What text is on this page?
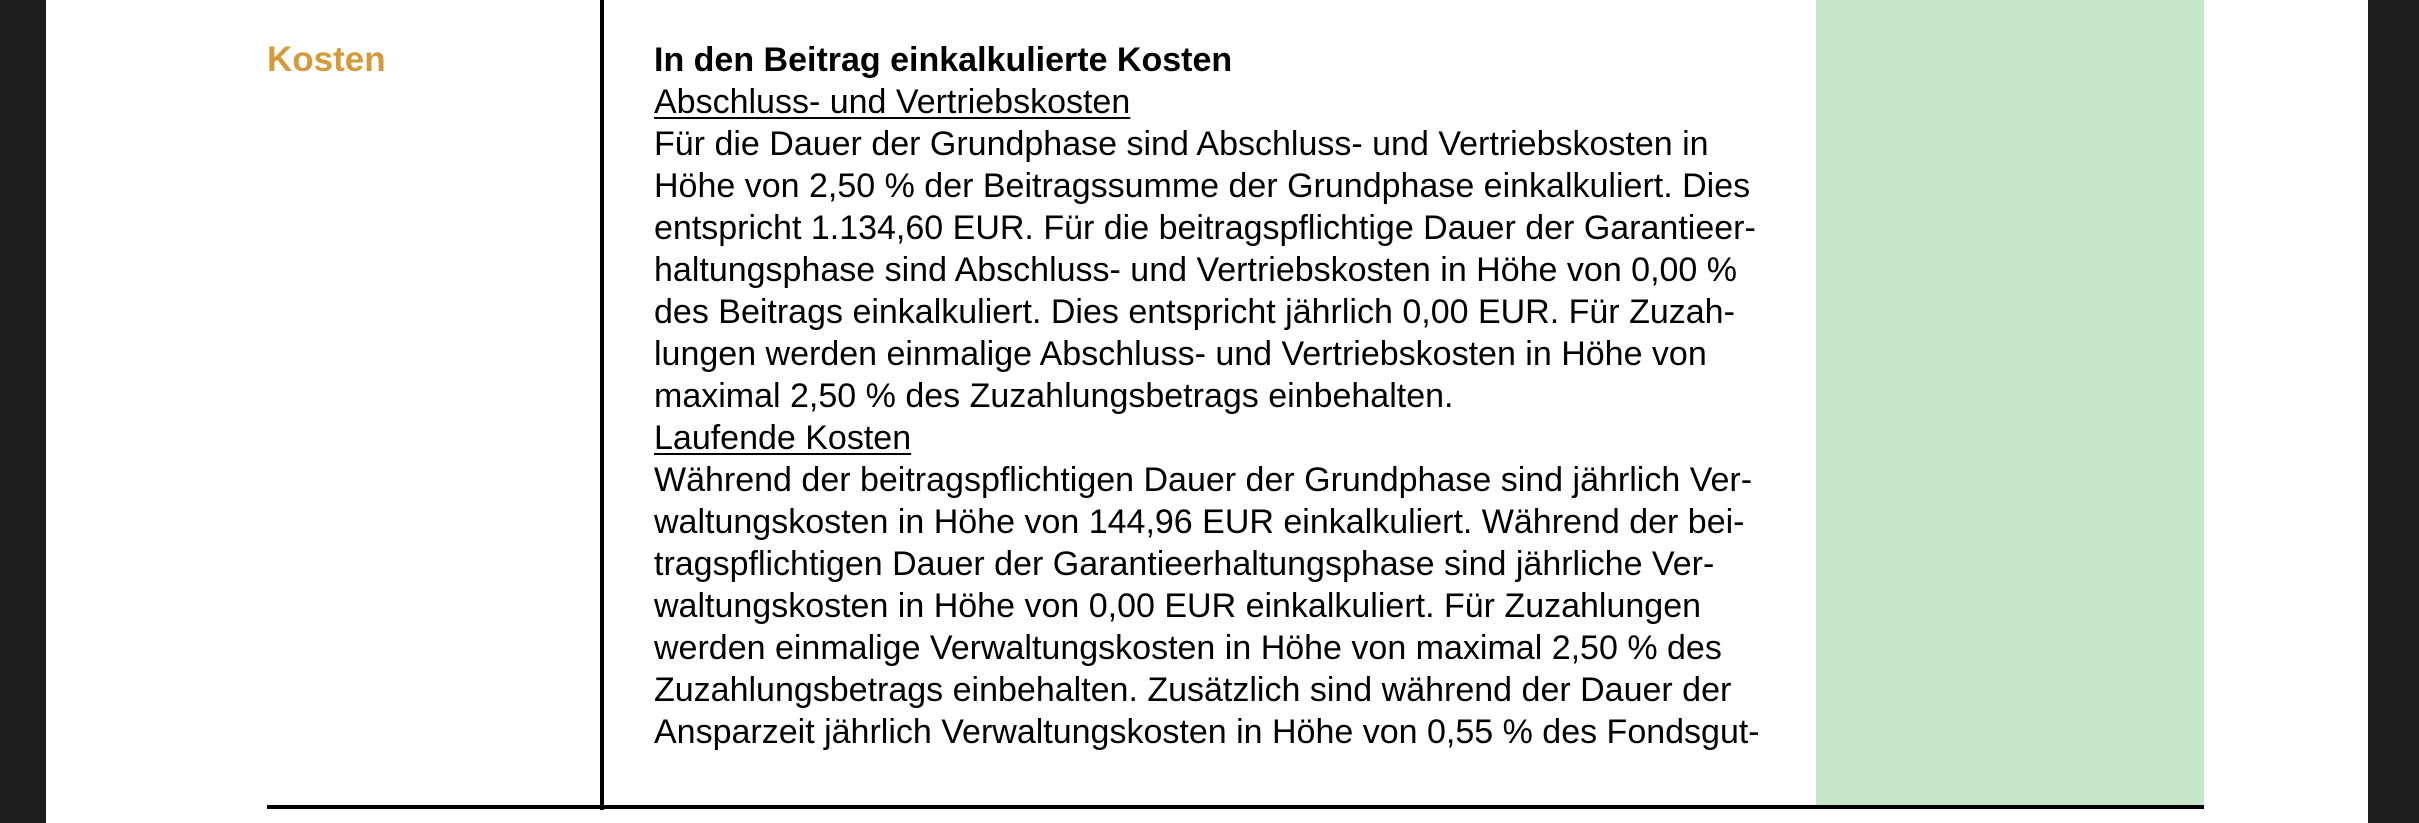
Kosten	In den Beitrag einkalkulierte Kosten
Abschluss- und Vertriebskosten
Für die Dauer der Grundphase sind Abschluss- und Vertriebskosten in
Höhe von 2,50 % der Beitragssumme der Grundphase einkalkuliert. Dies
entspricht 1.134,60 EUR. Für die beitragspflichtige Dauer der Garantieer-
haltungsphase sind Abschluss- und Vertriebskosten in Höhe von 0,00 %
des Beitrags einkalkuliert. Dies entspricht jährlich 0,00 EUR. Für Zuzah-
lungen werden einmalige Abschluss- und Vertriebskosten in Höhe von
maximal 2,50 % des Zuzahlungsbetrags einbehalten.
Laufende Kosten
Während der beitragspflichtigen Dauer der Grundphase sind jährlich Ver-
waltungskosten in Höhe von 144,96 EUR einkalkuliert. Während der bei-
tragspflichtigen Dauer der Garantieerhaltungsphase sind jährliche Ver-
waltungskosten in Höhe von 0,00 EUR einkalkuliert. Für Zuzahlungen
werden einmalige Verwaltungskosten in Höhe von maximal 2,50 % des
Zuzahlungsbetrags einbehalten. Zusätzlich sind während der Dauer der
Ansparzeit jährlich Verwaltungskosten in Höhe von 0,55 % des Fondsgut-
